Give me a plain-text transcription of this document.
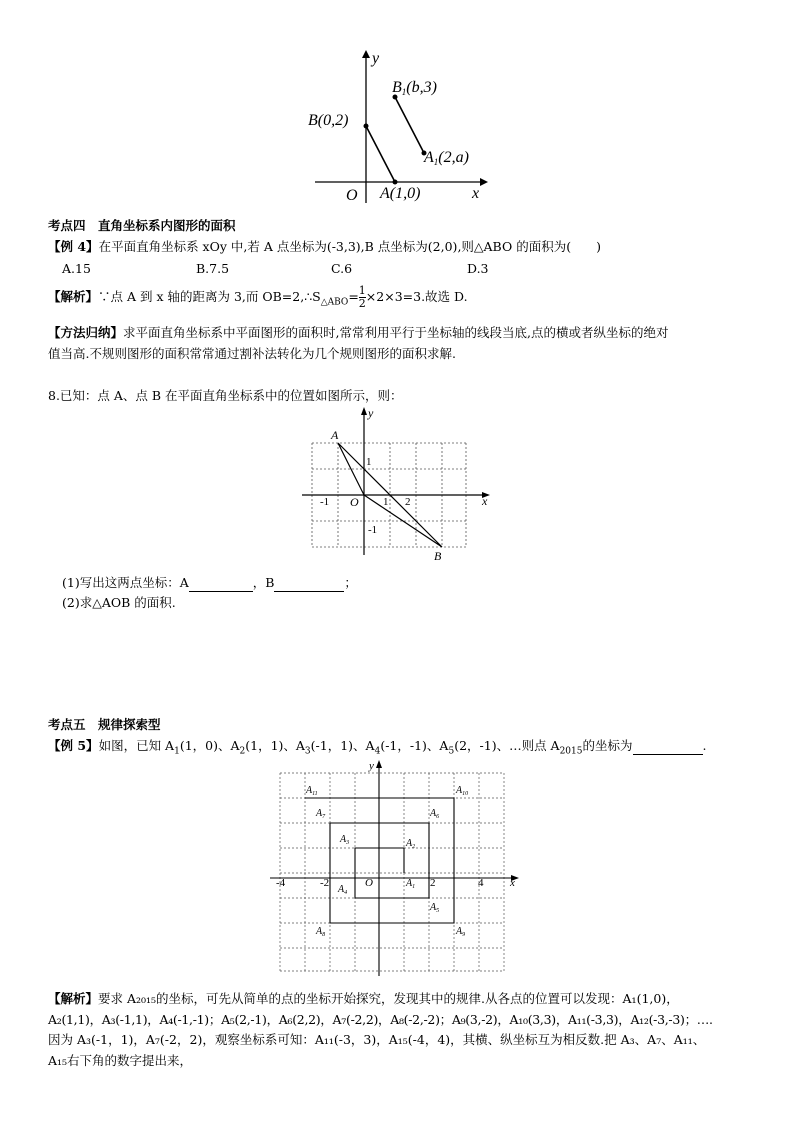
y
x
O
B(0,2)
A(1,0)
B1(b,3)
A1(2,a)
考点四　直角坐标系内图形的面积
【例 4】在平面直角坐标系 xOy 中,若 A 点坐标为(-3,3),B 点坐标为(2,0),则△ABO 的面积为(　　)
A.15	B.7.5	C.6	D.3
【解析】∵点 A 到 x 轴的距离为 3,而 $OB=2,\therefore S_{\triangle ABO}= \frac{1}{2} \times 2\times 3=3$.故选 D.
【方法归纳】求平面直角坐标系中平面图形的面积时,常常利用平行于坐标轴的线段当底,点的横或者纵坐标的绝对
值当高.不规则图形的面积常常通过割补法转化为几个规则图形的面积求解.
8.已知：点 A、点 B 在平面直角坐标系中的位置如图所示，则：
y
x
A
B
O
-1	1 2
1
-1
(1)写出这两点坐标：A	，B	；
(2)求△AOB 的面积.
考点五　规律探索型
【例 5】如图，已知 $A_1(1$，0)、$A_2(1$，1)、$A_3(-1$，1)、$A_4(-1$，-1)、$A_5(2$，-1)、…则点 $A_{2015}$的坐标为	.
y
x
O
-4	-2	2	4
$A_1$
$A_2$
$A_3$
$A_4$
$A_5$
$A_6$
$A_7$
$A_8$	$A_9$
$A_{10}$
$A_{11}$
【解析】要求 A₂₀₁₅的坐标，可先从简单的点的坐标开始探究，发现其中的规律.从各点的位置可以发现：A₁(1,0)，
A₂(1,1)，A₃(-1,1)，A₄(-1,-1)；A₅(2,-1)，A₆(2,2)，A₇(-2,2)，A₈(-2,-2)；A₉(3,-2)，A₁₀(3,3)，A₁₁(-3,3)，A₁₂(-3,-3)；….
因为 A₃(-1，1)，A₇(-2，2)，观察坐标系可知：A₁₁(-3，3)，A₁₅(-4，4)，其横、纵坐标互为相反数.把 A₃、A₇、A₁₁、
A₁₅右下角的数字提出来，
